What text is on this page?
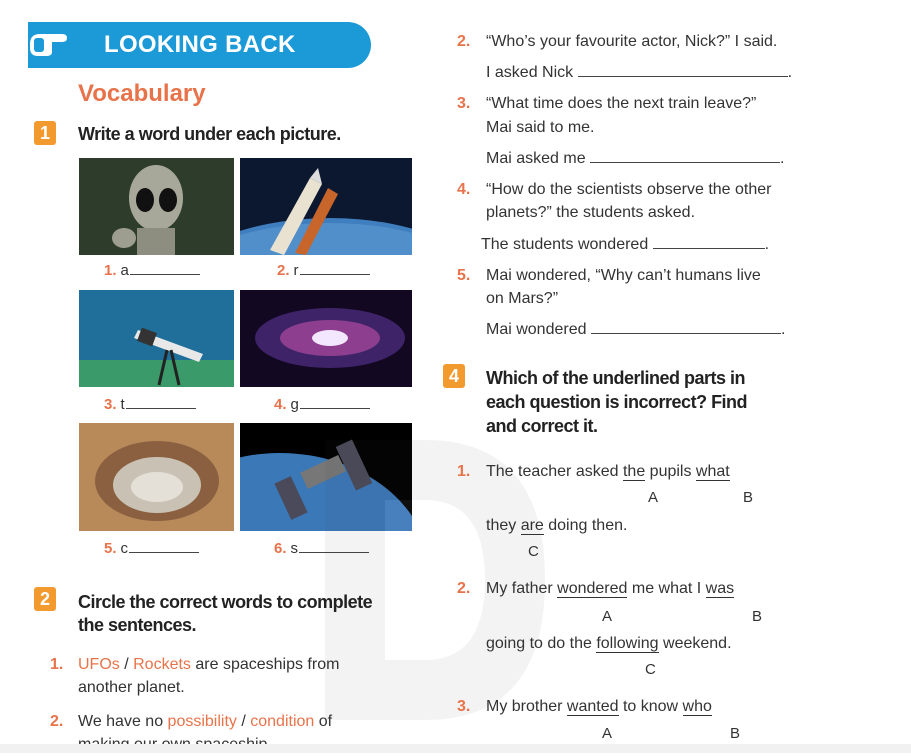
LOOKING BACK
Vocabulary
1	Write a word under each picture.
1. a	2. r
3. t	4. g
5. c	6. s
2	Circle the correct words to complete
the sentences.
1. UFOs / Rockets are spaceships from
another planet.
2. We have no possibility / condition of
2. “Who’s your favourite actor, Nick?” I said.
I asked Nick	.
3. “What time does the next train leave?”
Mai said to me.
Mai asked me	.
4. “How do the scientists observe the other
planets?” the students asked.
The students wondered	.
5. Mai wondered, “Why can’t humans live
on Mars?”
Mai wondered	.
4	Which of the underlined parts in
each question is incorrect? Find
and correct it.
1. The teacher asked the pupils what
A	B
they are doing then.
C
2. My father wondered me what I was
A	B
going to do the following weekend.
C
3. My brother wanted to know who
A	B
